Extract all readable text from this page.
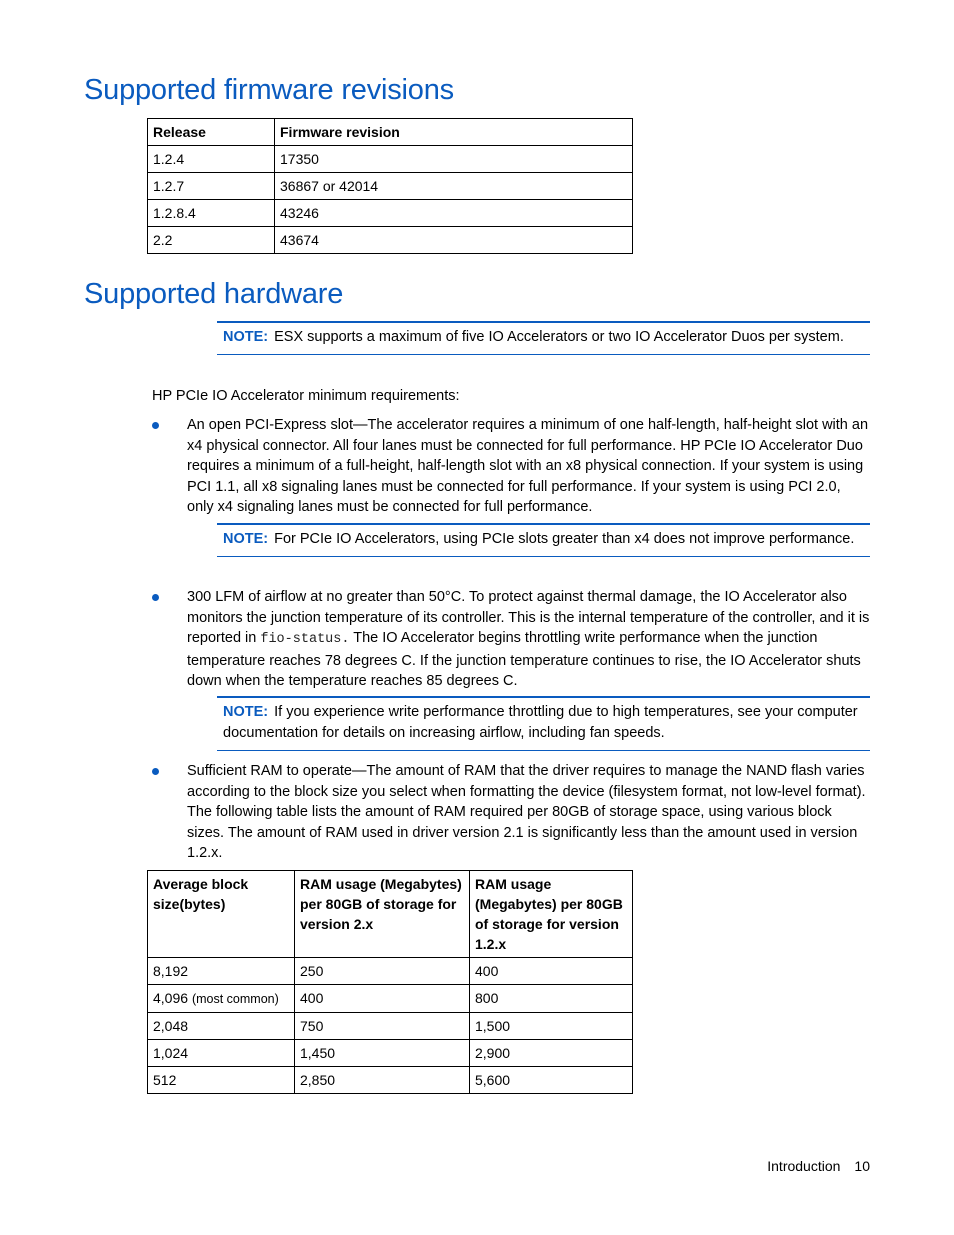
Supported firmware revisions
Release	Firmware revision
1.2.4	17350
1.2.7	36867 or 42014
1.2.8.4	43246
2.2	43674
Supported hardware
NOTE: ESX supports a maximum of five IO Accelerators or two IO Accelerator Duos per system.
HP PCIe IO Accelerator minimum requirements:
An open PCI-Express slot—The accelerator requires a minimum of one half-length, half-height slot with an x4 physical connector. All four lanes must be connected for full performance. HP PCIe IO Accelerator Duo requires a minimum of a full-height, half-length slot with an x8 physical connection. If your system is using PCI 1.1, all x8 signaling lanes must be connected for full performance. If your system is using PCI 2.0, only x4 signaling lanes must be connected for full performance.
NOTE: For PCIe IO Accelerators, using PCIe slots greater than x4 does not improve performance.
300 LFM of airflow at no greater than 50°C. To protect against thermal damage, the IO Accelerator also monitors the junction temperature of its controller. This is the internal temperature of the controller, and it is reported in fio-status. The IO Accelerator begins throttling write performance when the junction temperature reaches 78 degrees C. If the junction temperature continues to rise, the IO Accelerator shuts down when the temperature reaches 85 degrees C.
NOTE: If you experience write performance throttling due to high temperatures, see your computer documentation for details on increasing airflow, including fan speeds.
Sufficient RAM to operate—The amount of RAM that the driver requires to manage the NAND flash varies according to the block size you select when formatting the device (filesystem format, not low-level format). The following table lists the amount of RAM required per 80GB of storage space, using various block sizes. The amount of RAM used in driver version 2.1 is significantly less than the amount used in version 1.2.x.
Average block size(bytes)	RAM usage (Megabytes) per 80GB of storage for version 2.x	RAM usage (Megabytes) per 80GB of storage for version 1.2.x
8,192	250	400
4,096 (most common)	400	800
2,048	750	1,500
1,024	1,450	2,900
512	2,850	5,600
Introduction 10
